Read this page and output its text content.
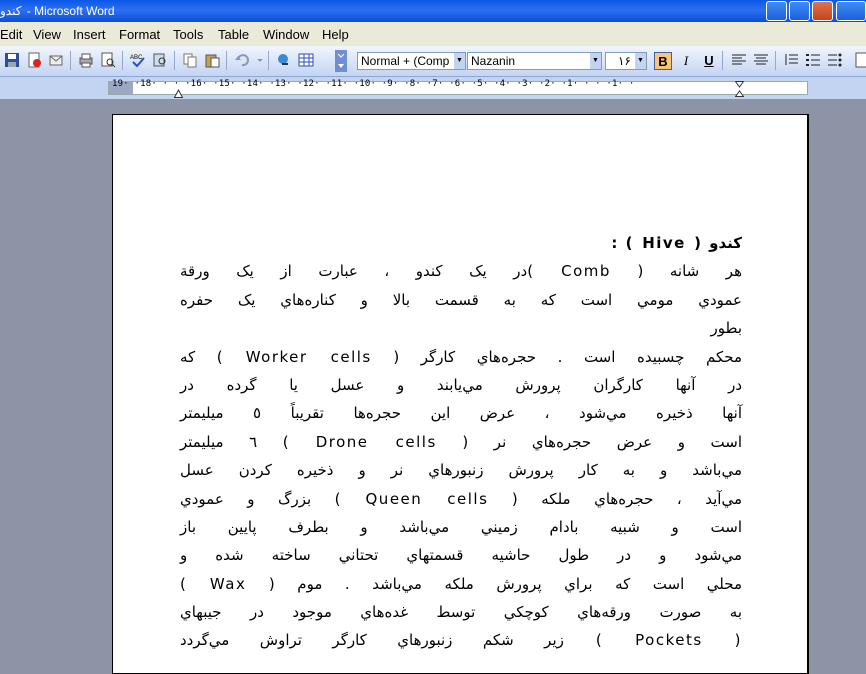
کندو - Microsoft Word
Edit View Insert Format Tools Table Window Help
ABC	Normal + (Comp ▼ Nazanin	▼	۱۶ ▼	B	I	U
19· ·18· · · ·16· ·15· ·14· ·13· ·12· ·11· ·10· ·9· ·8· ·7· ·6· ·5· ·4· ·3· ·2· ·1· · · ·1· ·
کندو ( Hive ) :
هر شانه ( Comb )در يک کندو ، عبارت از يک ورقة
عمودي مومي است که به قسمت بالا و کناره‌هاي يک حفره
بطور
محکم چسبيده است . حجره‌هاي کارگر ( Worker cells ) که
در آنها کارگران پرورش مي‌يابند و عسل يا گرده در
آنها ذخيره مي‌شود ، عرض اين حجره‌ها تقريباً ٥ ميليمتر
است و عرض حجره‌هاي نر ( Drone cells ) ٦ ميليمتر
مي‌باشد و به کار پرورش زنبورهاي نر و ذخيره کردن عسل
مي‌آيد ، حجره‌هاي ملکه ( Queen cells ) بزرگ و عمودي
است و شبيه بادام زميني مي‌باشد و بطرف پايين باز
مي‌شود و در طول حاشيه قسمتهاي تحتاني ساخته شده و
محلي است که براي پرورش ملکه مي‌باشد . موم ( Wax )
به صورت ورقه‌هاي کوچکي توسط غده‌هاي موجود در جيبهاي
( Pockets ) زير شکم زنبورهاي کارگر تراوش مي‌گردد
